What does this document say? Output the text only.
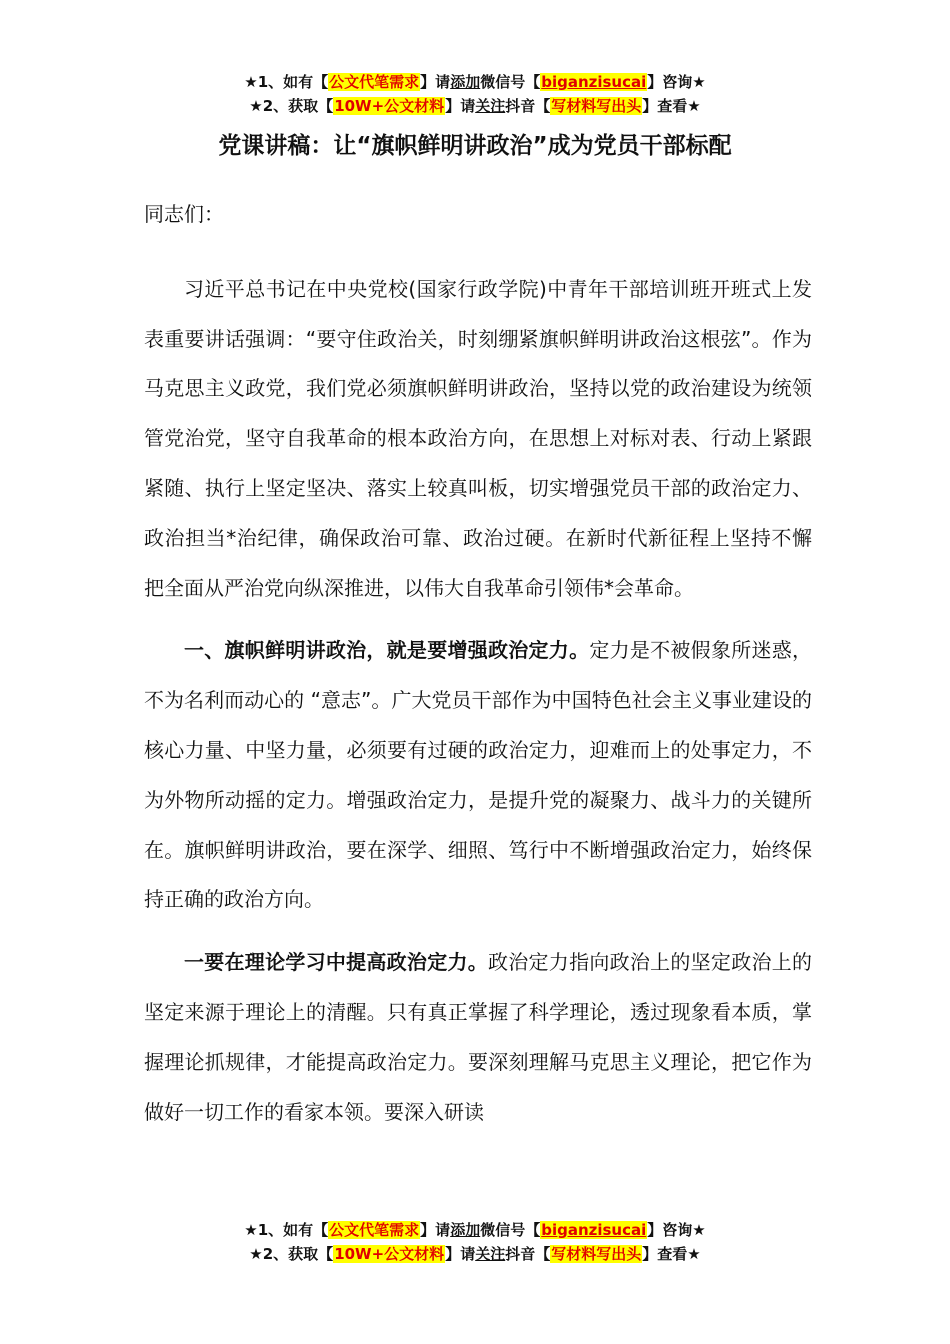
★1、如有【公文代笔需求】请添加微信号【biganzisucai】咨询★
★2、获取【10W+公文材料】请关注抖音【写材料写出头】查看★
党课讲稿：让“旗帜鲜明讲政治”成为党员干部标配

同志们：

习近平总书记在中央党校(国家行政学院)中青年干部培训班开班式上发表重要讲话强调：“要守住政治关，时刻绷紧旗帜鲜明讲政治这根弦”。作为马克思主义政党，我们党必须旗帜鲜明讲政治，坚持以党的政治建设为统领管党治党，坚守自我革命的根本政治方向，在思想上对标对表、行动上紧跟紧随、执行上坚定坚决、落实上较真叫板，切实增强党员干部的政治定力、政治担当*治纪律，确保政治可靠、政治过硬。在新时代新征程上坚持不懈把全面从严治党向纵深推进，以伟大自我革命引领伟*会革命。

一、旗帜鲜明讲政治，就是要增强政治定力。定力是不被假象所迷惑，不为名利而动心的 “意志”。广大党员干部作为中国特色社会主义事业建设的核心力量、中坚力量，必须要有过硬的政治定力，迎难而上的处事定力，不为外物所动摇的定力。增强政治定力，是提升党的凝聚力、战斗力的关键所在。旗帜鲜明讲政治，要在深学、细照、笃行中不断增强政治定力，始终保持正确的政治方向。

一要在理论学习中提高政治定力。政治定力指向政治上的坚定政治上的坚定来源于理论上的清醒。只有真正掌握了科学理论，透过现象看本质，掌握理论抓规律，才能提高政治定力。要深刻理解马克思主义理论，把它作为做好一切工作的看家本领。要深入研读

★1、如有【公文代笔需求】请添加微信号【biganzisucai】咨询★
★2、获取【10W+公文材料】请关注抖音【写材料写出头】查看★
